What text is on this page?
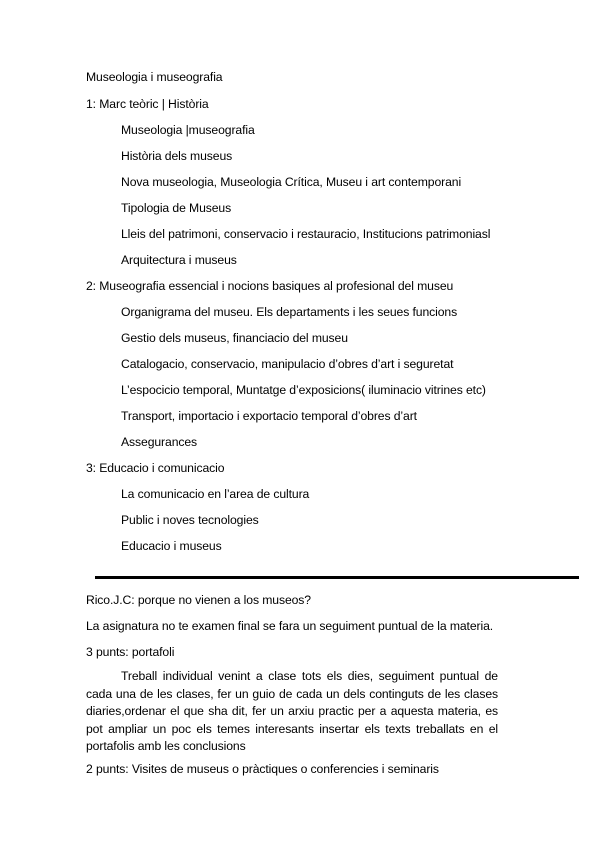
Museologia i museografia
1: Marc teòric | Història
Museologia |museografia
Història dels museus
Nova museologia, Museologia Crítica, Museu i art contemporani
Tipologia de Museus
Lleis del patrimoni, conservacio i restauracio, Institucions patrimoniasl
Arquitectura i museus
2: Museografia essencial i nocions basiques al profesional del museu
Organigrama del museu. Els departaments i les seues funcions
Gestio dels museus, financiacio del museu
Catalogacio, conservacio, manipulacio d’obres d’art i seguretat
L’espocicio temporal, Muntatge d’exposicions( iluminacio vitrines etc)
Transport, importacio i exportacio temporal d’obres d’art
Assegurances
3: Educacio i comunicacio
La comunicacio en l’area de cultura
Public i noves tecnologies
Educacio i museus
Rico.J.C: porque no vienen a los museos?
La asignatura no te examen final se fara un seguiment puntual de la materia.
3 punts: portafoli
Treball individual venint a clase tots els dies, seguiment puntual de cada una de les clases, fer un guio de cada un dels continguts de les clases diaries,ordenar el que sha dit, fer un arxiu practic per a aquesta materia, es pot ampliar un poc els temes interesants insertar els texts treballats en el portafolis amb les conclusions
2 punts: Visites de museus o pràctiques o conferencies i seminaris
